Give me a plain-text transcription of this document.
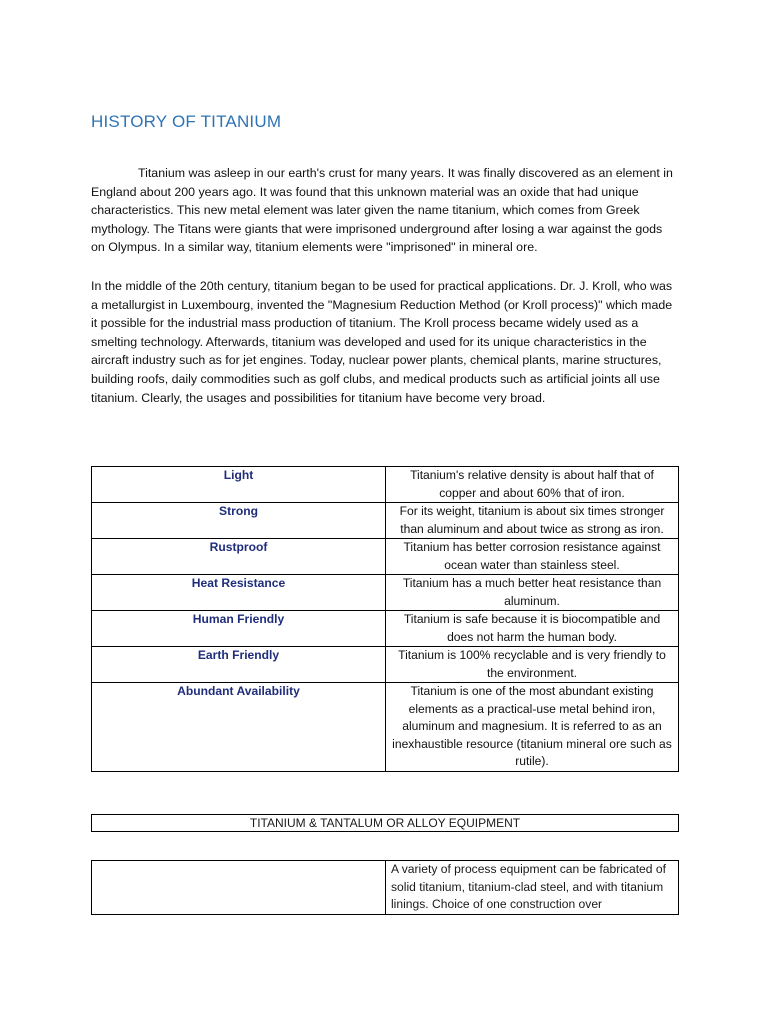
HISTORY OF TITANIUM

Titanium was asleep in our earth's crust for many years. It was finally discovered as an element in England about 200 years ago. It was found that this unknown material was an oxide that had unique characteristics. This new metal element was later given the name titanium, which comes from Greek mythology. The Titans were giants that were imprisoned underground after losing a war against the gods on Olympus. In a similar way, titanium elements were "imprisoned" in mineral ore.

In the middle of the 20th century, titanium began to be used for practical applications. Dr. J. Kroll, who was a metallurgist in Luxembourg, invented the "Magnesium Reduction Method (or Kroll process)" which made it possible for the industrial mass production of titanium. The Kroll process became widely used as a smelting technology. Afterwards, titanium was developed and used for its unique characteristics in the aircraft industry such as for jet engines. Today, nuclear power plants, chemical plants, marine structures, building roofs, daily commodities such as golf clubs, and medical products such as artificial joints all use titanium. Clearly, the usages and possibilities for titanium have become very broad.

Light	Titanium's relative density is about half that of copper and about 60% that of iron.
Strong	For its weight, titanium is about six times stronger than aluminum and about twice as strong as iron.
Rustproof	Titanium has better corrosion resistance against ocean water than stainless steel.
Heat Resistance	Titanium has a much better heat resistance than aluminum.
Human Friendly	Titanium is safe because it is biocompatible and does not harm the human body.
Earth Friendly	Titanium is 100% recyclable and is very friendly to the environment.
Abundant Availability	Titanium is one of the most abundant existing elements as a practical-use metal behind iron, aluminum and magnesium. It is referred to as an inexhaustible resource (titanium mineral ore such as rutile).
TITANIUM & TANTALUM OR ALLOY EQUIPMENT
	A variety of process equipment can be fabricated of solid titanium, titanium-clad steel, and with titanium linings. Choice of one construction over
